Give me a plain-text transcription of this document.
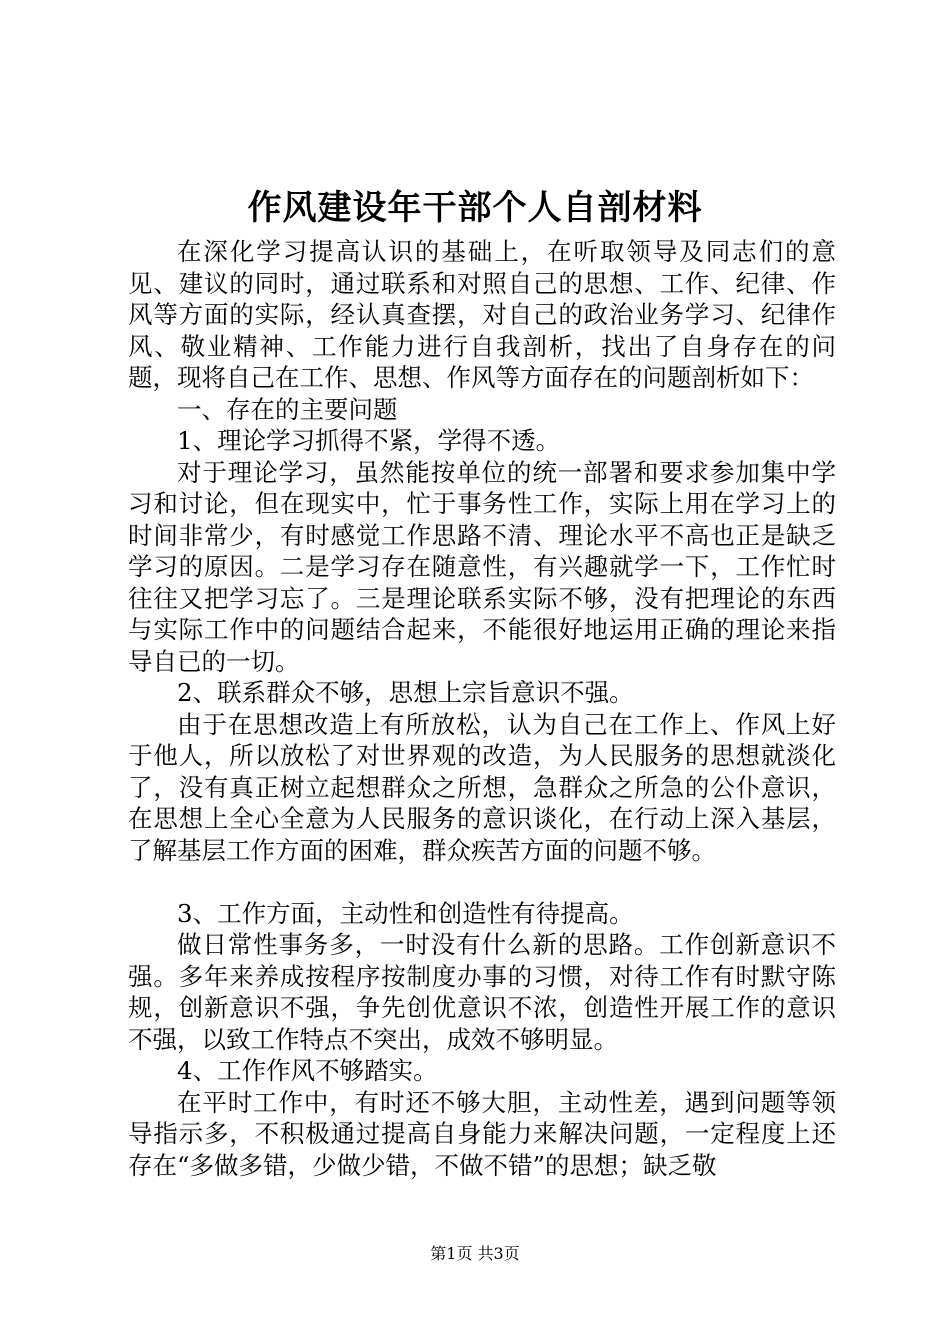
作风建设年干部个人自剖材料

在深化学习提高认识的基础上，在听取领导及同志们的意见、建议的同时，通过联系和对照自己的思想、工作、纪律、作风等方面的实际，经认真查摆，对自己的政治业务学习、纪律作风、敬业精神、工作能力进行自我剖析，找出了自身存在的问题，现将自己在工作、思想、作风等方面存在的问题剖析如下：

一、存在的主要问题

1、理论学习抓得不紧，学得不透。

对于理论学习，虽然能按单位的统一部署和要求参加集中学习和讨论，但在现实中，忙于事务性工作，实际上用在学习上的时间非常少，有时感觉工作思路不清、理论水平不高也正是缺乏学习的原因。二是学习存在随意性，有兴趣就学一下，工作忙时往往又把学习忘了。三是理论联系实际不够，没有把理论的东西与实际工作中的问题结合起来，不能很好地运用正确的理论来指导自已的一切。

2、联系群众不够，思想上宗旨意识不强。

由于在思想改造上有所放松，认为自己在工作上、作风上好于他人，所以放松了对世界观的改造，为人民服务的思想就淡化了，没有真正树立起想群众之所想，急群众之所急的公仆意识，在思想上全心全意为人民服务的意识谈化，在行动上深入基层，了解基层工作方面的困难，群众疾苦方面的问题不够。

3、工作方面，主动性和创造性有待提高。

做日常性事务多，一时没有什么新的思路。工作创新意识不强。多年来养成按程序按制度办事的习惯，对待工作有时默守陈规，创新意识不强，争先创优意识不浓，创造性开展工作的意识不强，以致工作特点不突出，成效不够明显。

4、工作作风不够踏实。

在平时工作中，有时还不够大胆，主动性差，遇到问题等领导指示多，不积极通过提高自身能力来解决问题，一定程度上还存在“多做多错，少做少错，不做不错”的思想；缺乏敬

第1页 共3页
